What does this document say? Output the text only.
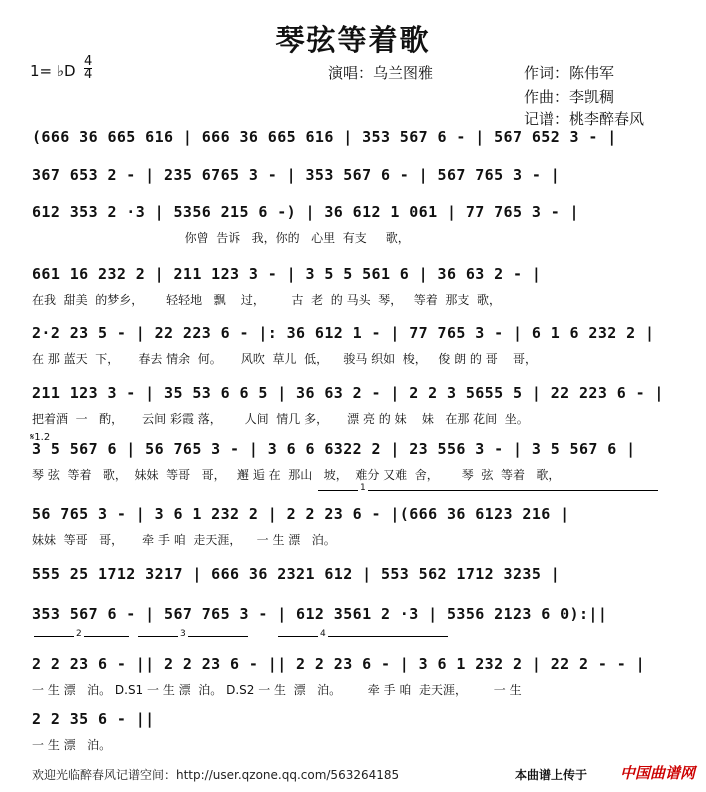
琴弦等着歌
1= ♭D $\frac{4}{4}$	演唱：乌兰图雅	作词：陈伟军
作曲：李凯稠
记谱：桃李醉春风
(666 36 665 616 | 666 36 665 616 | 353 567 6 - | 567 652 3 - |
367 653 2 - | 235 6765 3 - | 353 567 6 - | 567 765 3 - |
612 353 2 ·3 | 5356 215 6 -) | 36 612 1 061 | 77 765 3 - |
你曾  告诉   我，你的   心里  有支     歌，
661 16 232 2 | 211 123 3 - | 3 5 5 561 6 | 36 63 2 - |
在我  甜美  的梦乡，      轻轻地   飘    过，       古  老  的 马头  琴，   等着  那支  歌，
2·2 23 5 - | 22 223 6 - |: 36 612 1 - | 77 765 3 - | 6 1 6 232 2 |
在 那 蓝天  下，     春去 情余  何。     风吹  草儿  低，    骏马 织如  梭，   俊 朗 的 哥    哥，
211 123 3 - | 35 53 6 6 5 | 36 63 2 - | 2 2 3 5655 5 | 22 223 6 - |
把着酒  一   酌，     云间 彩霞 落，      人间  情几 多，     漂 亮 的 妹    妹   在那 花间  坐。
3 5 567 6 | 56 765 3 - | 3 6 6 6322 2 | 23 556 3 - | 3 5 567 6 |
琴 弦  等着   歌，  妹妹  等哥   哥，   邂 逅 在  那山   坡，  难分 又难  舍，      琴  弦  等着   歌，
56 765 3 - | 3 6 1 232 2 | 2 2 23 6 - |(666 36 6123 216 |
妹妹  等哥   哥，     牵 手 咱  走天涯，    一 生 漂   泊。
555 25 1712 3217 | 666 36 2321 612 | 553 562 1712 3235 |
353 567 6 - | 567 765 3 - | 612 3561 2 ·3 | 5356 2123 6 0):||
2 2 23 6 - || 2 2 23 6 - || 2 2 23 6 - | 3 6 1 232 2 | 22 2 - - |
一 生 漂   泊。 D.S1 一 生 漂  泊。 D.S2 一 生  漂   泊。       牵 手 咱  走天涯，       一 生
2 2 35 6 - ||
一 生 漂   泊。
𝄋1.2
1
2	3	4
欢迎光临醉春风记谱空间：http://user.qzone.qq.com/563264185	本曲谱上传于 中国曲谱网
